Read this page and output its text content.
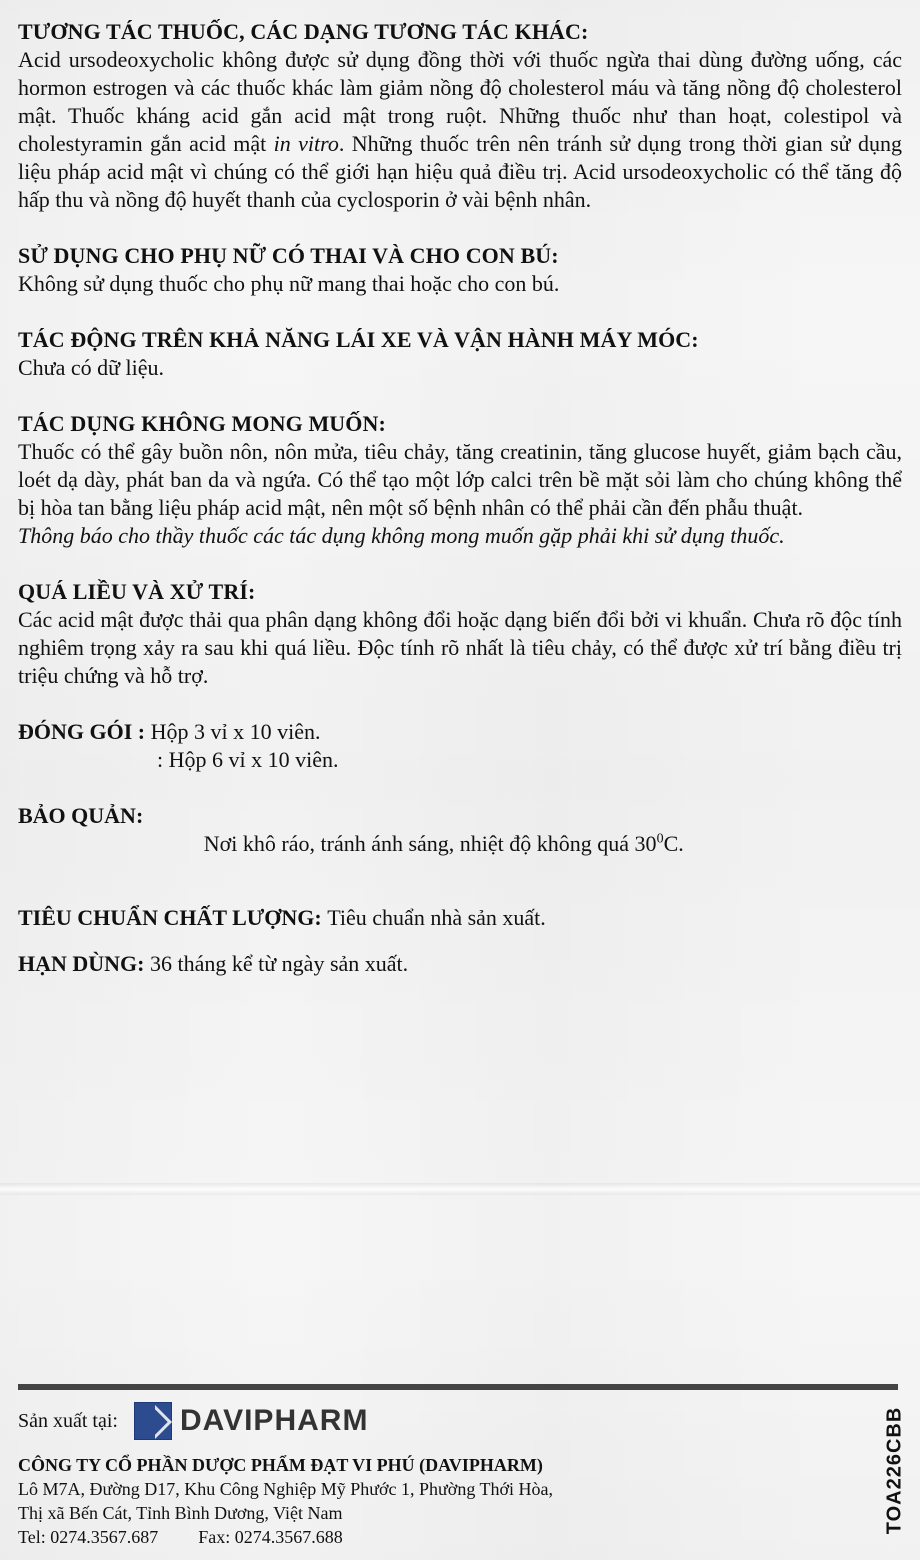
TƯƠNG TÁC THUỐC, CÁC DẠNG TƯƠNG TÁC KHÁC:

Acid ursodeoxycholic không được sử dụng đồng thời với thuốc ngừa thai dùng đường uống, các hormon estrogen và các thuốc khác làm giảm nồng độ cholesterol máu và tăng nồng độ cholesterol mật. Thuốc kháng acid gắn acid mật trong ruột. Những thuốc như than hoạt, colestipol và cholestyramin gắn acid mật in vitro. Những thuốc trên nên tránh sử dụng trong thời gian sử dụng liệu pháp acid mật vì chúng có thể giới hạn hiệu quả điều trị. Acid ursodeoxycholic có thể tăng độ hấp thu và nồng độ huyết thanh của cyclosporin ở vài bệnh nhân.

SỬ DỤNG CHO PHỤ NỮ CÓ THAI VÀ CHO CON BÚ:

Không sử dụng thuốc cho phụ nữ mang thai hoặc cho con bú.

TÁC ĐỘNG TRÊN KHẢ NĂNG LÁI XE VÀ VẬN HÀNH MÁY MÓC:

Chưa có dữ liệu.

TÁC DỤNG KHÔNG MONG MUỐN:

Thuốc có thể gây buồn nôn, nôn mửa, tiêu chảy, tăng creatinin, tăng glucose huyết, giảm bạch cầu, loét dạ dày, phát ban da và ngứa. Có thể tạo một lớp calci trên bề mặt sỏi làm cho chúng không thể bị hòa tan bằng liệu pháp acid mật, nên một số bệnh nhân có thể phải cần đến phẫu thuật.

Thông báo cho thầy thuốc các tác dụng không mong muốn gặp phải khi sử dụng thuốc.

QUÁ LIỀU VÀ XỬ TRÍ:

Các acid mật được thải qua phân dạng không đổi hoặc dạng biến đổi bởi vi khuẩn. Chưa rõ độc tính nghiêm trọng xảy ra sau khi quá liều. Độc tính rõ nhất là tiêu chảy, có thể được xử trí bằng điều trị triệu chứng và hỗ trợ.

ĐÓNG GÓI : Hộp 3 vỉ x 10 viên.
: Hộp 6 vỉ x 10 viên.
BẢO QUẢN:

Nơi khô ráo, tránh ánh sáng, nhiệt độ không quá $30^0C$.

TIÊU CHUẨN CHẤT LƯỢNG: Tiêu chuẩn nhà sản xuất.
HẠN DÙNG: 36 tháng kể từ ngày sản xuất.
Sản xuất tại: DAVIPHARM
CÔNG TY CỔ PHẦN DƯỢC PHẨM ĐẠT VI PHÚ (DAVIPHARM)
Lô M7A, Đường D17, Khu Công Nghiệp Mỹ Phước 1, Phường Thới Hòa,
Thị xã Bến Cát, Tỉnh Bình Dương, Việt Nam
Tel: 0274.3567.687 Fax: 0274.3567.688
TOA226CBB
